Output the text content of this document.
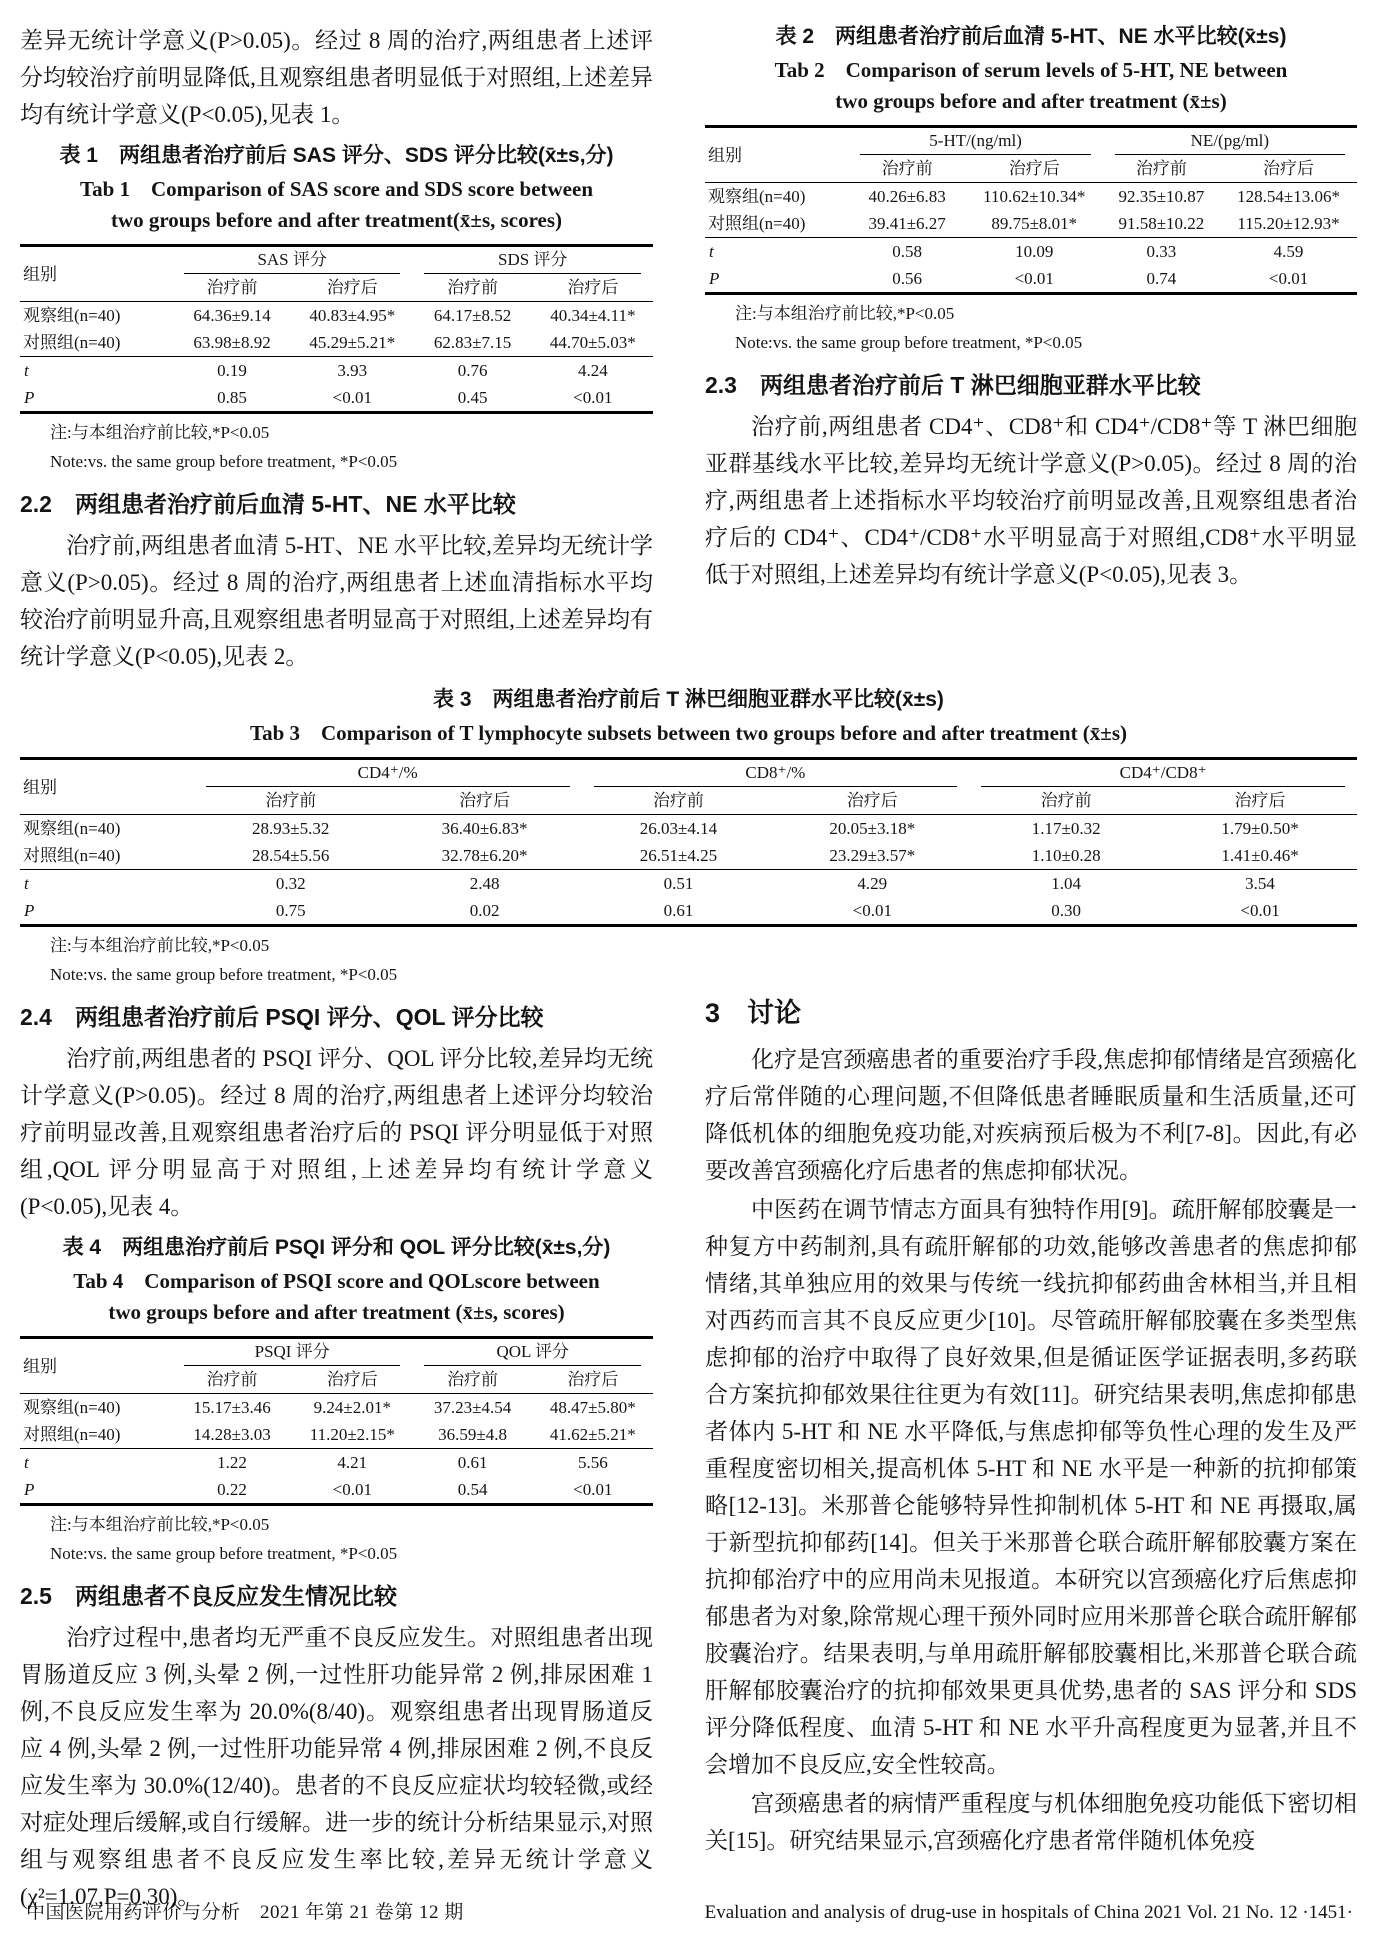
差异无统计学意义(P>0.05)。经过 8 周的治疗,两组患者上述评分均较治疗前明显降低,且观察组患者明显低于对照组,上述差异均有统计学意义(P<0.05),见表 1。

表 1　两组患者治疗前后 SAS 评分、SDS 评分比较(x̄±s,分)
Tab 1　Comparison of SAS score and SDS score between
two groups before and after treatment(x̄±s, scores)
组别	SAS 评分		SDS 评分	

	治疗前	治疗后	治疗前	治疗后
观察组(n=40)	64.36±9.14	40.83±4.95*	64.17±8.52	40.34±4.11*
对照组(n=40)	63.98±8.92	45.29±5.21*	62.83±7.15	44.70±5.03*
t	0.19	3.93	0.76	4.24
P	0.85	<0.01	0.45	<0.01
注:与本组治疗前比较,*P<0.05
Note:vs. the same group before treatment, *P<0.05
2.2　两组患者治疗前后血清 5-HT、NE 水平比较

治疗前,两组患者血清 5-HT、NE 水平比较,差异均无统计学意义(P>0.05)。经过 8 周的治疗,两组患者上述血清指标水平均较治疗前明显升高,且观察组患者明显高于对照组,上述差异均有统计学意义(P<0.05),见表 2。

表 2　两组患者治疗前后血清 5-HT、NE 水平比较(x̄±s)
Tab 2　Comparison of serum levels of 5-HT, NE between
two groups before and after treatment (x̄±s)
组别	5-HT/(ng/ml)		NE/(pg/ml)	

	治疗前	治疗后	治疗前	治疗后
观察组(n=40)	40.26±6.83	110.62±10.34*	92.35±10.87	128.54±13.06*
对照组(n=40)	39.41±6.27	89.75±8.01*	91.58±10.22	115.20±12.93*
t	0.58	10.09	0.33	4.59
P	0.56	<0.01	0.74	<0.01
注:与本组治疗前比较,*P<0.05
Note:vs. the same group before treatment, *P<0.05
2.3　两组患者治疗前后 T 淋巴细胞亚群水平比较

治疗前,两组患者 CD4⁺、CD8⁺和 CD4⁺/CD8⁺等 T 淋巴细胞亚群基线水平比较,差异均无统计学意义(P>0.05)。经过 8 周的治疗,两组患者上述指标水平均较治疗前明显改善,且观察组患者治疗后的 CD4⁺、CD4⁺/CD8⁺水平明显高于对照组,CD8⁺水平明显低于对照组,上述差异均有统计学意义(P<0.05),见表 3。

表 3　两组患者治疗前后 T 淋巴细胞亚群水平比较(x̄±s)
Tab 3　Comparison of T lymphocyte subsets between two groups before and after treatment (x̄±s)
组别	CD4⁺/%		CD8⁺/%		CD4⁺/CD8⁺	

	治疗前	治疗后	治疗前	治疗后	治疗前	治疗后
观察组(n=40)	28.93±5.32	36.40±6.83*	26.03±4.14	20.05±3.18*	1.17±0.32	1.79±0.50*
对照组(n=40)	28.54±5.56	32.78±6.20*	26.51±4.25	23.29±3.57*	1.10±0.28	1.41±0.46*
t	0.32	2.48	0.51	4.29	1.04	3.54
P	0.75	0.02	0.61	<0.01	0.30	<0.01
注:与本组治疗前比较,*P<0.05
Note:vs. the same group before treatment, *P<0.05
2.4　两组患者治疗前后 PSQI 评分、QOL 评分比较

治疗前,两组患者的 PSQI 评分、QOL 评分比较,差异均无统计学意义(P>0.05)。经过 8 周的治疗,两组患者上述评分均较治疗前明显改善,且观察组患者治疗后的 PSQI 评分明显低于对照组,QOL 评分明显高于对照组,上述差异均有统计学意义(P<0.05),见表 4。

表 4　两组患治疗前后 PSQI 评分和 QOL 评分比较(x̄±s,分)
Tab 4　Comparison of PSQI score and QOLscore between
two groups before and after treatment (x̄±s, scores)
组别	PSQI 评分		QOL 评分	

	治疗前	治疗后	治疗前	治疗后
观察组(n=40)	15.17±3.46	9.24±2.01*	37.23±4.54	48.47±5.80*
对照组(n=40)	14.28±3.03	11.20±2.15*	36.59±4.8	41.62±5.21*
t	1.22	4.21	0.61	5.56
P	0.22	<0.01	0.54	<0.01
注:与本组治疗前比较,*P<0.05
Note:vs. the same group before treatment, *P<0.05
2.5　两组患者不良反应发生情况比较

治疗过程中,患者均无严重不良反应发生。对照组患者出现胃肠道反应 3 例,头晕 2 例,一过性肝功能异常 2 例,排尿困难 1 例,不良反应发生率为 20.0%(8/40)。观察组患者出现胃肠道反应 4 例,头晕 2 例,一过性肝功能异常 4 例,排尿困难 2 例,不良反应发生率为 30.0%(12/40)。患者的不良反应症状均较轻微,或经对症处理后缓解,或自行缓解。进一步的统计分析结果显示,对照组与观察组患者不良反应发生率比较,差异无统计学意义(χ²=1.07,P=0.30)。

3　讨论

化疗是宫颈癌患者的重要治疗手段,焦虑抑郁情绪是宫颈癌化疗后常伴随的心理问题,不但降低患者睡眠质量和生活质量,还可降低机体的细胞免疫功能,对疾病预后极为不利[7-8]。因此,有必要改善宫颈癌化疗后患者的焦虑抑郁状况。

中医药在调节情志方面具有独特作用[9]。疏肝解郁胶囊是一种复方中药制剂,具有疏肝解郁的功效,能够改善患者的焦虑抑郁情绪,其单独应用的效果与传统一线抗抑郁药曲舍林相当,并且相对西药而言其不良反应更少[10]。尽管疏肝解郁胶囊在多类型焦虑抑郁的治疗中取得了良好效果,但是循证医学证据表明,多药联合方案抗抑郁效果往往更为有效[11]。研究结果表明,焦虑抑郁患者体内 5-HT 和 NE 水平降低,与焦虑抑郁等负性心理的发生及严重程度密切相关,提高机体 5-HT 和 NE 水平是一种新的抗抑郁策略[12-13]。米那普仑能够特异性抑制机体 5-HT 和 NE 再摄取,属于新型抗抑郁药[14]。但关于米那普仑联合疏肝解郁胶囊方案在抗抑郁治疗中的应用尚未见报道。本研究以宫颈癌化疗后焦虑抑郁患者为对象,除常规心理干预外同时应用米那普仑联合疏肝解郁胶囊治疗。结果表明,与单用疏肝解郁胶囊相比,米那普仑联合疏肝解郁胶囊治疗的抗抑郁效果更具优势,患者的 SAS 评分和 SDS 评分降低程度、血清 5-HT 和 NE 水平升高程度更为显著,并且不会增加不良反应,安全性较高。

宫颈癌患者的病情严重程度与机体细胞免疫功能低下密切相关[15]。研究结果显示,宫颈癌化疗患者常伴随机体免疫

中国医院用药评价与分析　2021 年第 21 卷第 12 期	Evaluation and analysis of drug-use in hospitals of China 2021 Vol. 21 No. 12 ·1451·
